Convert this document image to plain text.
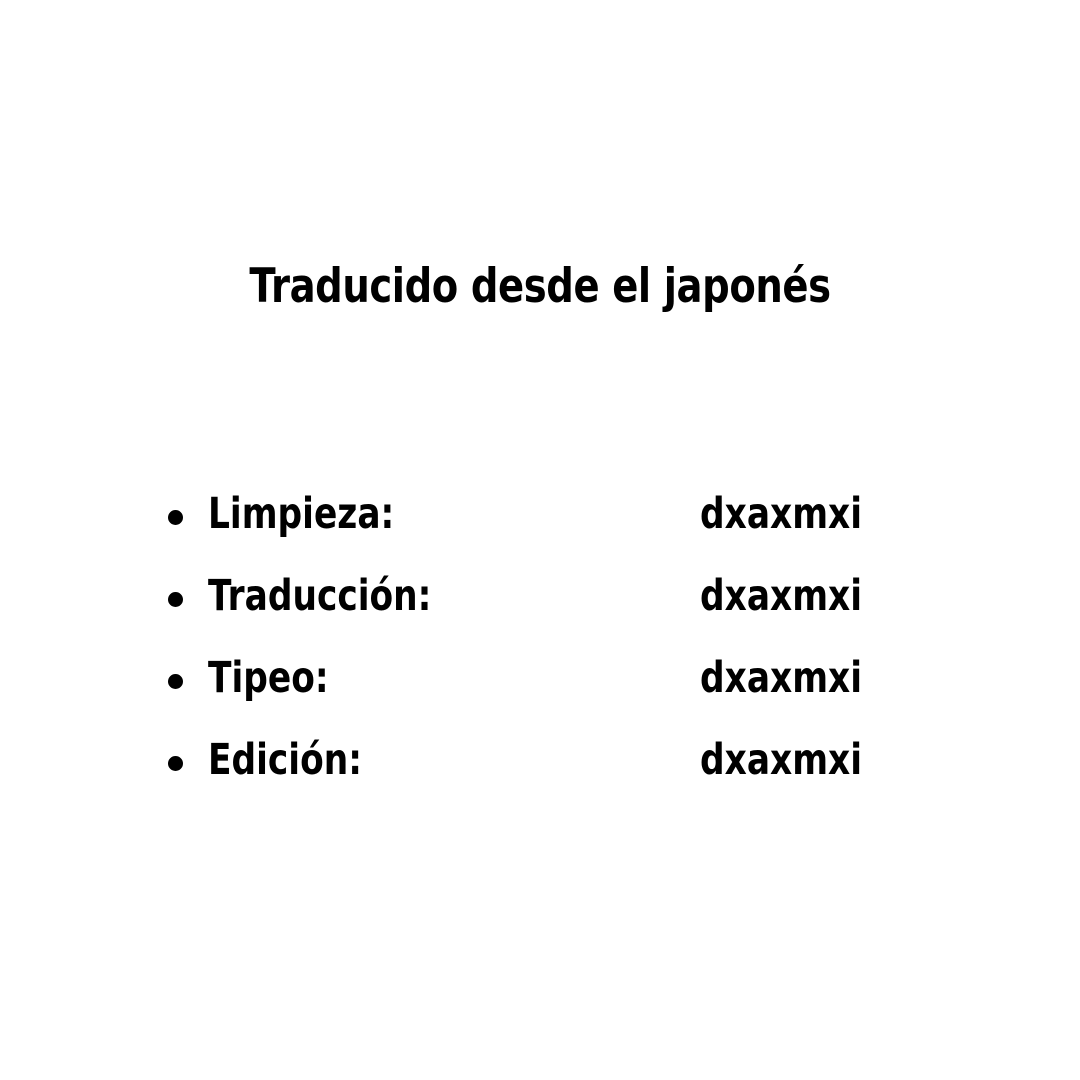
Traducido desde el japonés
Limpieza:	dxaxmxi
Traducción:	dxaxmxi
Tipeo:	dxaxmxi
Edición:	dxaxmxi
